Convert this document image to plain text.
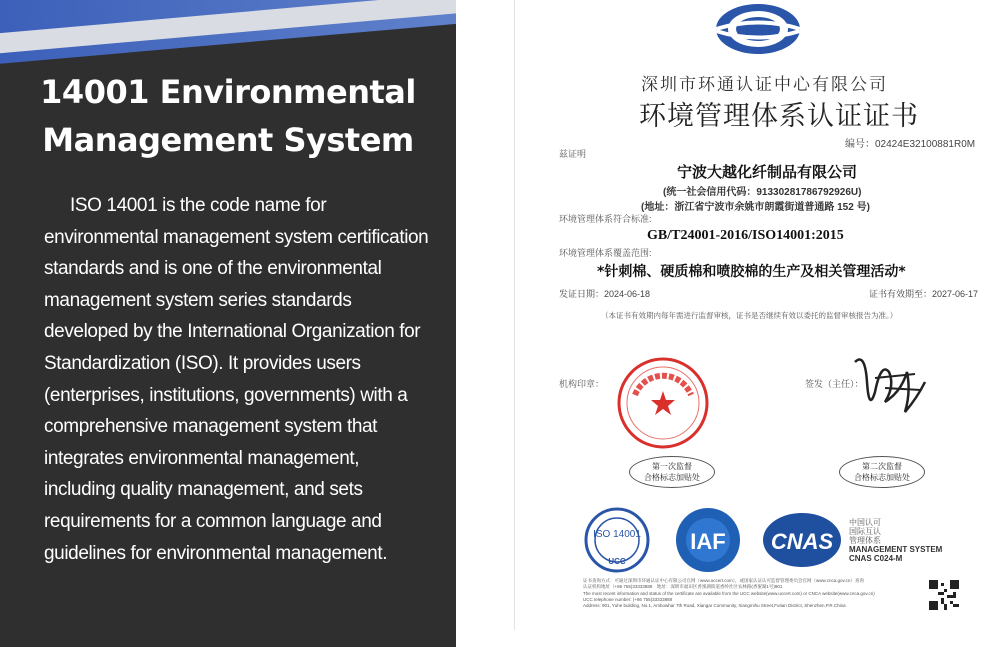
14001 Environmental
Management System

ISO 14001 is the code name for environmental management system certification standards and is one of the environmental management system series standards developed by the International Organization for Standardization (ISO). It provides users (enterprises, institutions, governments) with a comprehensive management system that integrates environmental management, including quality management, and sets requirements for a common language and guidelines for environmental management.

深圳市环通认证中心有限公司
环境管理体系认证证书
编号：02424E32100881R0M
兹证明
宁波大越化纤制品有限公司
(统一社会信用代码：91330281786792926U)
(地址：浙江省宁波市余姚市朗霞街道普通路 152 号)
环境管理体系符合标准:
GB/T24001-2016/ISO14001:2015
环境管理体系覆盖范围:
*针刺棉、硬质棉和喷胶棉的生产及相关管理活动*
发证日期：2024-06-18	证书有效期至：2027-06-17
（本证书有效期内每年需进行监督审核，证书是否继续有效以委托的监督审核报告为准。）
机构印章：	签发（主任）：
第一次监督
合格标志加贴处
第二次监督
合格标志加贴处
ISO 14001
UCC
IAF CNAS
中国认可
国际互认
管理体系
MANAGEMENT SYSTEM
CNAS C024-M
证书查询方式：可通过深圳市环通认证中心有限公司官网（www.uccert.com），或国家认证认可监督管理委员会官网（www.cnca.gov.cn）查询
认证机构地址（+86 755)33333888　地址：深圳市福田区香蜜湖街道香岭社区农林路(香蜜湖1号)901
The most recent information and status of the certificate are available from the UCC website(www.uccert.com) or CNCA website(www.cnca.gov.cn)
UCC telephone number: (+86 755)33333888
Address: 901, Yuhe building, No.1, Ambowhar 7th Road, Xiangar Community, Xiangmihu Street,Futian District, Shenzhen,P.R.China
